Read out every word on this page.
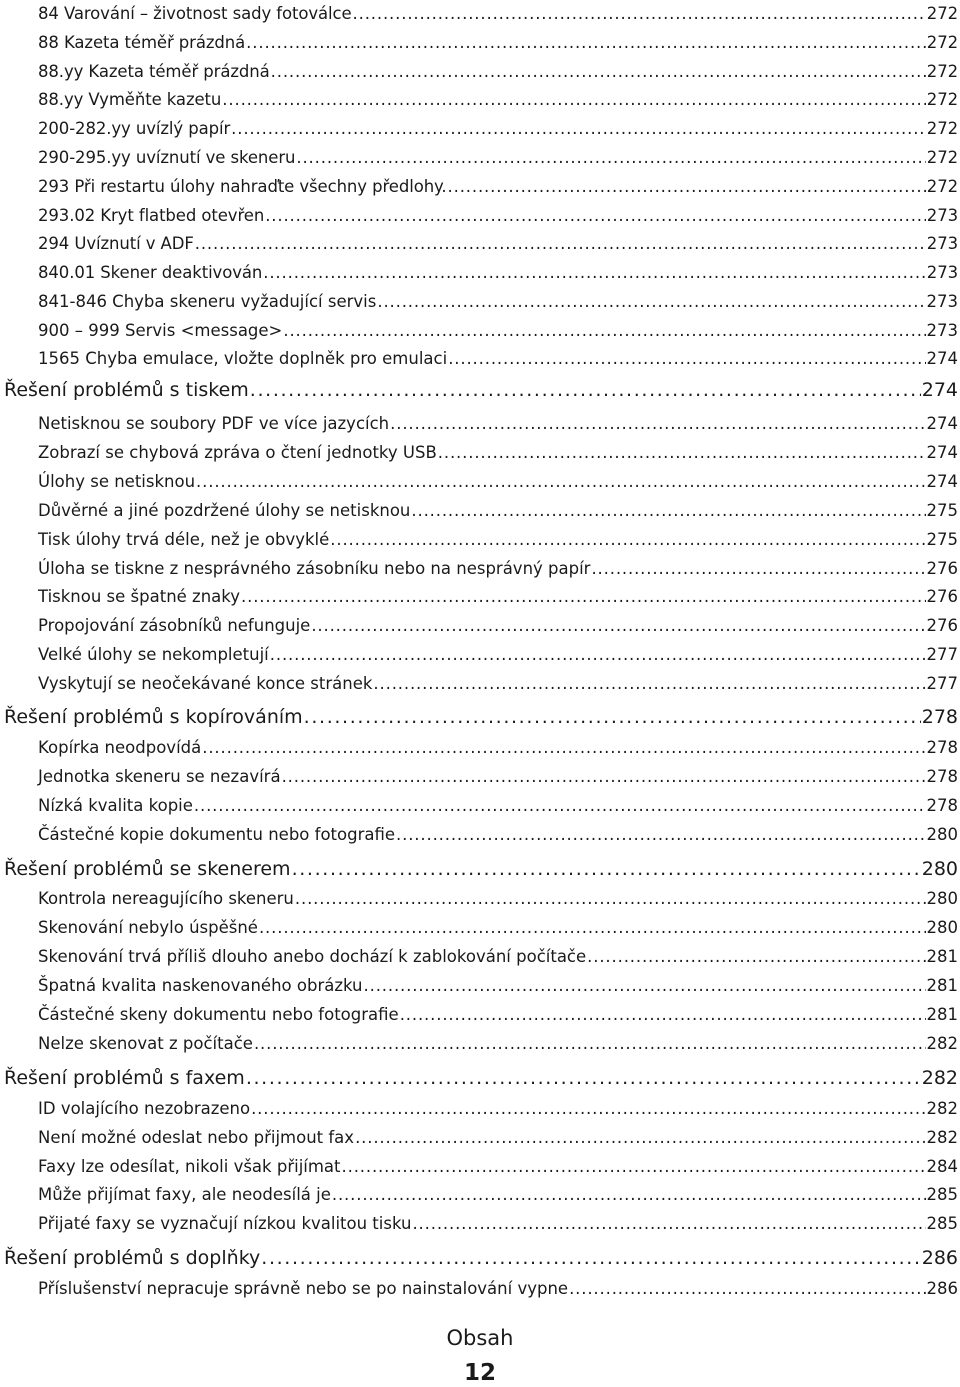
84 Varování – životnost sady fotoválce . . .	272
88 Kazeta téměř prázdná . . .	272
88.yy Kazeta téměř prázdná . . .	272
88.yy Vyměňte kazetu . . .	272
200-282.yy uvízlý papír . . .	272
290-295.yy uvíznutí ve skeneru . . .	272
293 Při restartu úlohy nahraďte všechny předlohy. . . .	272
293.02 Kryt flatbed otevřen . . .	273
294 Uvíznutí v ADF . . .	273
840.01 Skener deaktivován . . .	273
841-846 Chyba skeneru vyžadující servis . . .	273
900 – 999 Servis <message> . . .	273
1565 Chyba emulace, vložte doplněk pro emulaci . . .	274
Řešení problémů s tiskem . . .	274
Netisknou se soubory PDF ve více jazycích . . .	274
Zobrazí se chybová zpráva o čtení jednotky USB . . .	274
Úlohy se netisknou . . .	274
Důvěrné a jiné pozdržené úlohy se netisknou . . .	275
Tisk úlohy trvá déle, než je obvyklé . . .	275
Úloha se tiskne z nesprávného zásobníku nebo na nesprávný papír . . .	276
Tisknou se špatné znaky . . .	276
Propojování zásobníků nefunguje . . .	276
Velké úlohy se nekompletují . . .	277
Vyskytují se neočekávané konce stránek . . .	277
Řešení problémů s kopírováním . . .	278
Kopírka neodpovídá . . .	278
Jednotka skeneru se nezavírá . . .	278
Nízká kvalita kopie . . .	278
Částečné kopie dokumentu nebo fotografie . . .	280
Řešení problémů se skenerem . . .	280
Kontrola nereagujícího skeneru . . .	280
Skenování nebylo úspěšné . . .	280
Skenování trvá příliš dlouho anebo dochází k zablokování počítače . . .	281
Špatná kvalita naskenovaného obrázku . . .	281
Částečné skeny dokumentu nebo fotografie . . .	281
Nelze skenovat z počítače . . .	282
Řešení problémů s faxem . . .	282
ID volajícího nezobrazeno . . .	282
Není možné odeslat nebo přijmout fax . . .	282
Faxy lze odesílat, nikoli však přijímat . . .	284
Může přijímat faxy, ale neodesílá je . . .	285
Přijaté faxy se vyznačují nízkou kvalitou tisku . . .	285
Řešení problémů s doplňky . . .	286
Příslušenství nepracuje správně nebo se po nainstalování vypne . . .	286
Obsah
12
